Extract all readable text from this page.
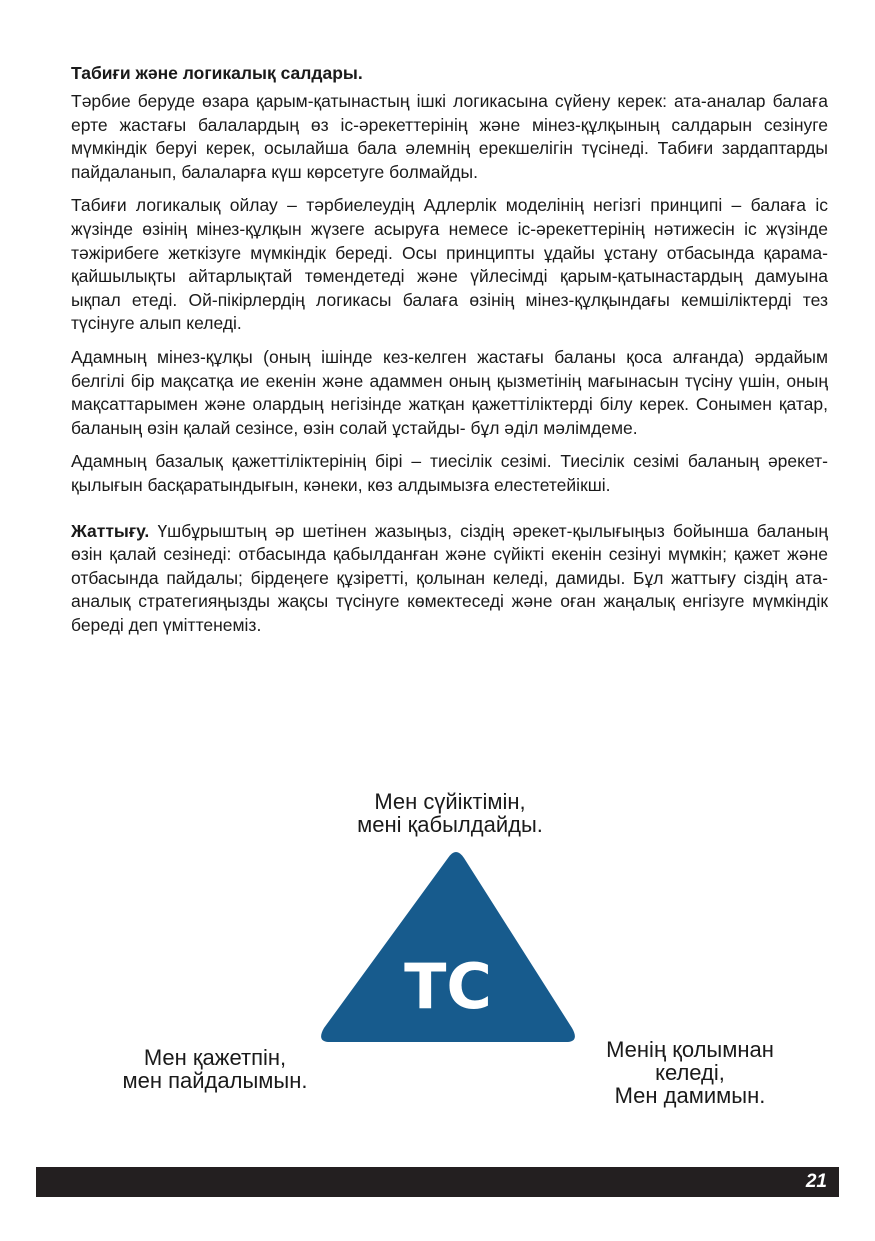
Табиғи және логикалық салдары.

Тәрбие беруде өзара қарым-қатынастың ішкі логикасына сүйену керек: ата-аналар балаға ерте жастағы балалардың өз іс-әрекеттерінің және мінез-құлқының салдарын сезінуге мүмкіндік беруі керек, осылайша бала әлемнің ерекшелігін түсінеді. Табиғи зардаптарды пайдаланып, балаларға күш көрсетуге болмайды.

Табиғи логикалық ойлау – тәрбиелеудің Адлерлік моделінің негізгі принципі – балаға іс жүзінде өзінің мінез-құлқын жүзеге асыруға немесе іс-әрекеттерінің нәтижесін іс жүзінде тәжірибеге жеткізуге мүмкіндік береді. Осы принципты ұдайы ұстану отбасында қарама-қайшылықты айтарлықтай төмендетеді және үйлесімді қарым-қатынастардың дамуына ықпал етеді. Ой-пікірлердің логикасы балаға өзінің мінез-құлқындағы кемшіліктерді тез түсінуге алып келеді.

Адамның мінез-құлқы (оның ішінде кез-келген жастағы баланы қоса алғанда) әрдайым белгілі бір мақсатқа ие екенін және адаммен оның қызметінің мағынасын түсіну үшін, оның мақсаттарымен және олардың негізінде жатқан қажеттіліктерді білу керек. Сонымен қатар, баланың өзін қалай сезінсе, өзін солай ұстайды- бұл әділ мәлімдеме.

Адамның базалық қажеттіліктерінің бірі – тиесілік сезімі. Тиесілік сезімі баланың әрекет-қылығын басқаратындығын, кәнеки, көз алдымызға елестетейікші.

Жаттығу. Үшбұрыштың әр шетінен жазыңыз, сіздің әрекет-қылығыңыз бойынша баланың өзін қалай сезінеді: отбасында қабылданған және сүйікті екенін сезінуі мүмкін; қажет және отбасында пайдалы; бірдеңеге құзіретті, қолынан келеді, дамиды. Бұл жаттығу сіздің ата-аналық стратегияңызды жақсы түсінуге көмектеседі және оған жаңалық енгізуге мүмкіндік береді деп үміттенеміз.

Мен сүйіктімін,
мені қабылдайды.
ТС
Мен қажетпін,
мен пайдалымын.
Менің қолымнан
келеді,
Мен дамимын.
21
